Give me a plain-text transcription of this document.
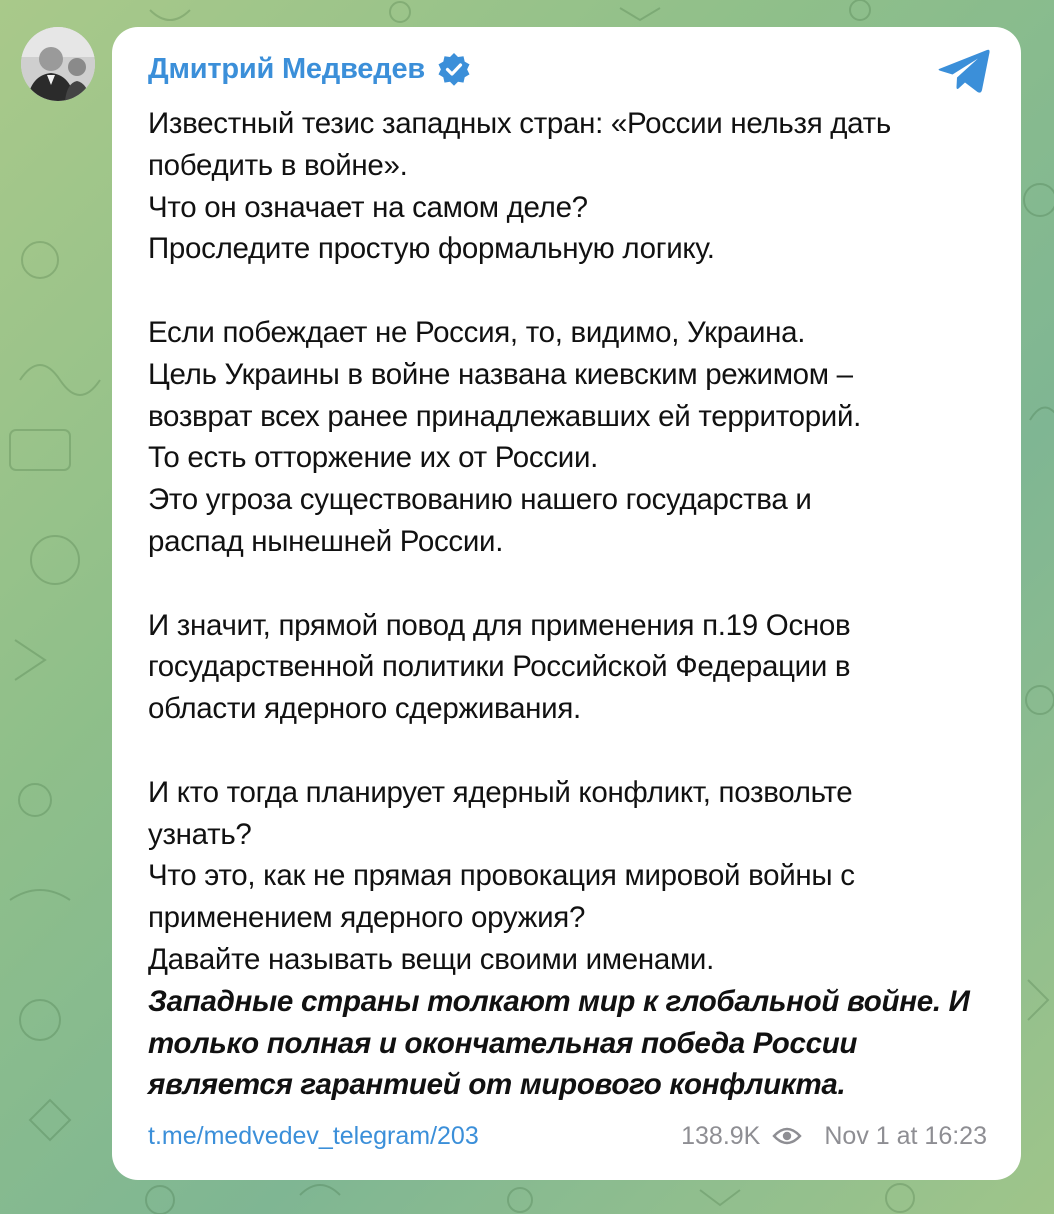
Дмитрий Медведев
Известный тезис западных стран: «России нельзя дать
победить в войне».
Что он означает на самом деле?
Проследите простую формальную логику.
Если побеждает не Россия, то, видимо, Украина.
Цель Украины в войне названа киевским режимом –
возврат всех ранее принадлежавших ей территорий.
То есть отторжение их от России.
Это угроза существованию нашего государства и
распад нынешней России.
И значит, прямой повод для применения п.19 Основ
государственной политики Российской Федерации в
области ядерного сдерживания.
И кто тогда планирует ядерный конфликт, позвольте
узнать?
Что это, как не прямая провокация мировой войны с
применением ядерного оружия?
Давайте называть вещи своими именами.
Западные страны толкают мир к глобальной войне. И
только полная и окончательная победа России
является гарантией от мирового конфликта.
t.me/medvedev_telegram/203	138.9K	Nov 1 at 16:23
